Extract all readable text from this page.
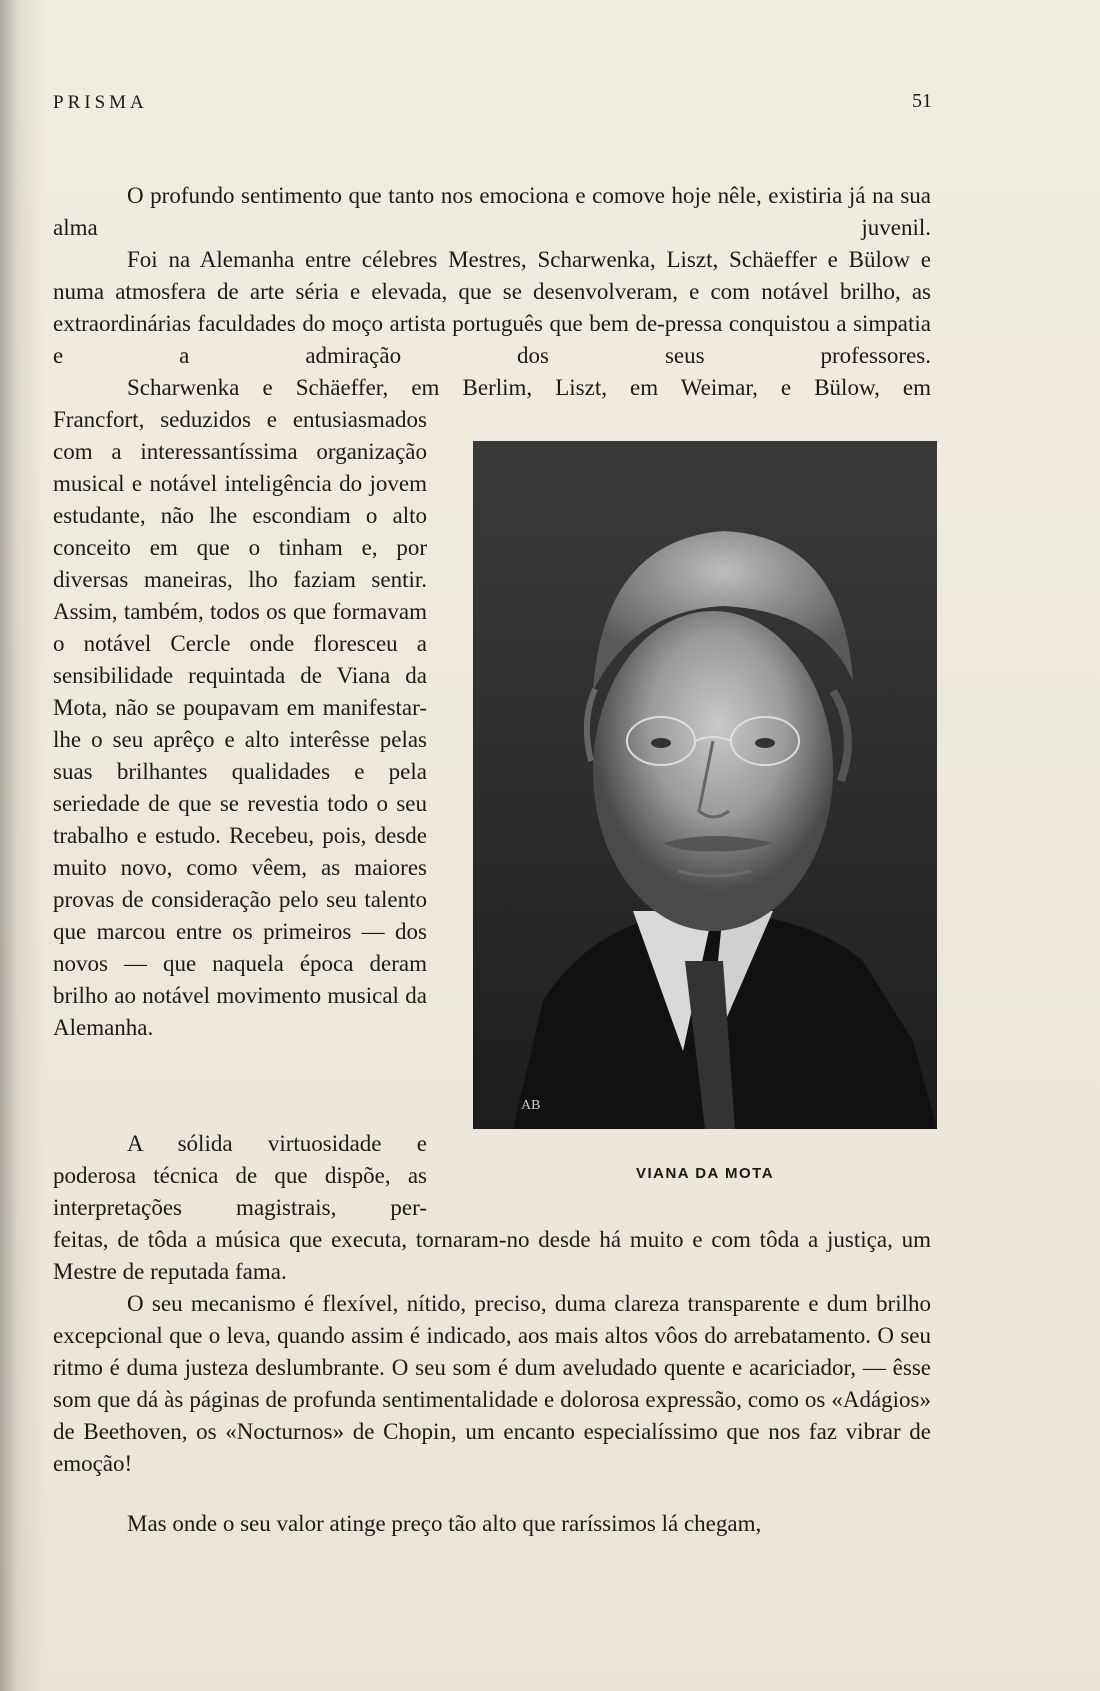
PRISMA	51
O profundo sentimento que tanto nos emociona e comove hoje nêle, existiria já na sua alma juvenil.
Foi na Alemanha entre célebres Mestres, Scharwenka, Liszt, Schäeffer e Bülow e numa atmosfera de arte séria e elevada, que se desenvolveram, e com notável brilho, as extraordinárias faculdades do moço artista português que bem de-pressa conquistou a simpatia e a admiração dos seus professores.
Scharwenka e Schäeffer, em Berlim, Liszt, em Weimar, e Bülow, em
Francfort, seduzidos e entusiasmados com a interessantíssima organização musical e notável inteligência do jovem estudante, não lhe escondiam o alto conceito em que o tinham e, por diversas maneiras, lho faziam sentir. Assim, também, todos os que formavam o notável Cercle onde floresceu a sensibilidade requintada de Viana da Mota, não se poupavam em manifestar-lhe o seu aprêço e alto interêsse pelas suas brilhantes qualidades e pela seriedade de que se revestia todo o seu trabalho e estudo. Recebeu, pois, desde muito novo, como vêem, as maiores provas de consideração pelo seu talento que marcou entre os primeiros — dos novos — que naquela época deram brilho ao notável movimento musical da Alemanha.
A sólida virtuosidade e poderosa técnica de que dispõe, as interpretações magistrais, per-
feitas, de tôda a música que executa, tornaram-no desde há muito e com tôda a justiça, um Mestre de reputada fama.
O seu mecanismo é flexível, nítido, preciso, duma clareza transparente e dum brilho excepcional que o leva, quando assim é indicado, aos mais altos vôos do arrebatamento. O seu ritmo é duma justeza deslumbrante. O seu som é dum aveludado quente e acariciador, — êsse som que dá às páginas de profunda sentimentalidade e dolorosa expressão, como os «Adágios» de Beethoven, os «Nocturnos» de Chopin, um encanto especialíssimo que nos faz vibrar de emoção!
Mas onde o seu valor atinge preço tão alto que raríssimos lá chegam,
AB
VIANA DA MOTA
